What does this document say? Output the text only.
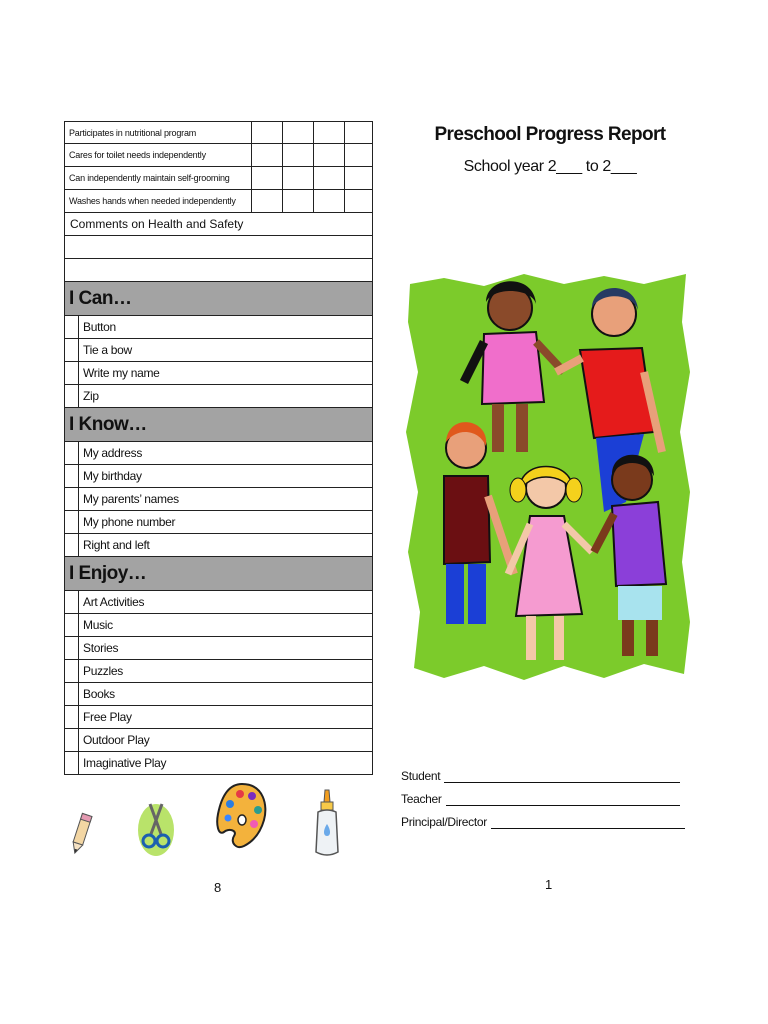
Participates in nutritional program
Cares for toilet needs independently
Can independently maintain self-grooming
Washes hands when needed independently
Comments on Health and Safety
I Can…
Button
Tie a bow
Write my name
Zip
I Know…
My address
My birthday
My parents’ names
My phone number
Right and left
I Enjoy…
Art Activities
Music
Stories
Puzzles
Books
Free Play
Outdoor Play
Imaginative Play
8
Preschool Progress Report
School year 2___ to 2___
Student
Teacher
Principal/Director
1
